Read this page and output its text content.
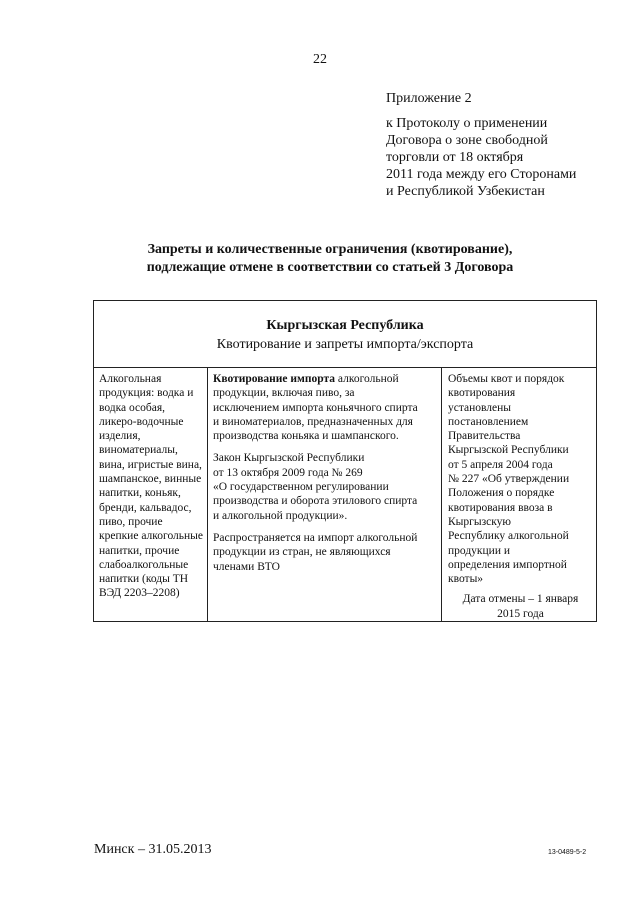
22
Приложение 2
к Протоколу о применении
Договора о зоне свободной
торговли от 18 октября
2011 года между его Сторонами
и Республикой Узбекистан
Запреты и количественные ограничения (квотирование),
подлежащие отмене в соответствии со статьей 3 Договора
Кыргызская Республика
Квотирование и запреты импорта/экспорта

Алкогольная
продукция: водка и
водка особая,
ликеро-водочные
изделия,
виноматериалы,
вина, игристые вина,
шампанское, винные
напитки, коньяк,
бренди, кальвадос,
пиво, прочие
крепкие алкогольные
напитки, прочие
слабоалкогольные
напитки (коды ТН
ВЭД 2203–2208)

Квотирование импорта алкогольной
продукции, включая пиво, за
исключением импорта коньячного спирта
и виноматериалов, предназначенных для
производства коньяка и шампанского.
Закон Кыргызской Республики
от 13 октября 2009 года № 269
«О государственном регулировании
производства и оборота этилового спирта
и алкогольной продукции».
Распространяется на импорт алкогольной
продукции из стран, не являющихся
членами ВТО

Объемы квот и порядок
квотирования
установлены
постановлением
Правительства
Кыргызской Республики
от 5 апреля 2004 года
№ 227 «Об утверждении
Положения о порядке
квотирования ввоза в
Кыргызскую
Республику алкогольной
продукции и
определения импортной
квоты»
Дата отмены – 1 января
2015 года
Минск – 31.05.2013	13-0489-5-2
